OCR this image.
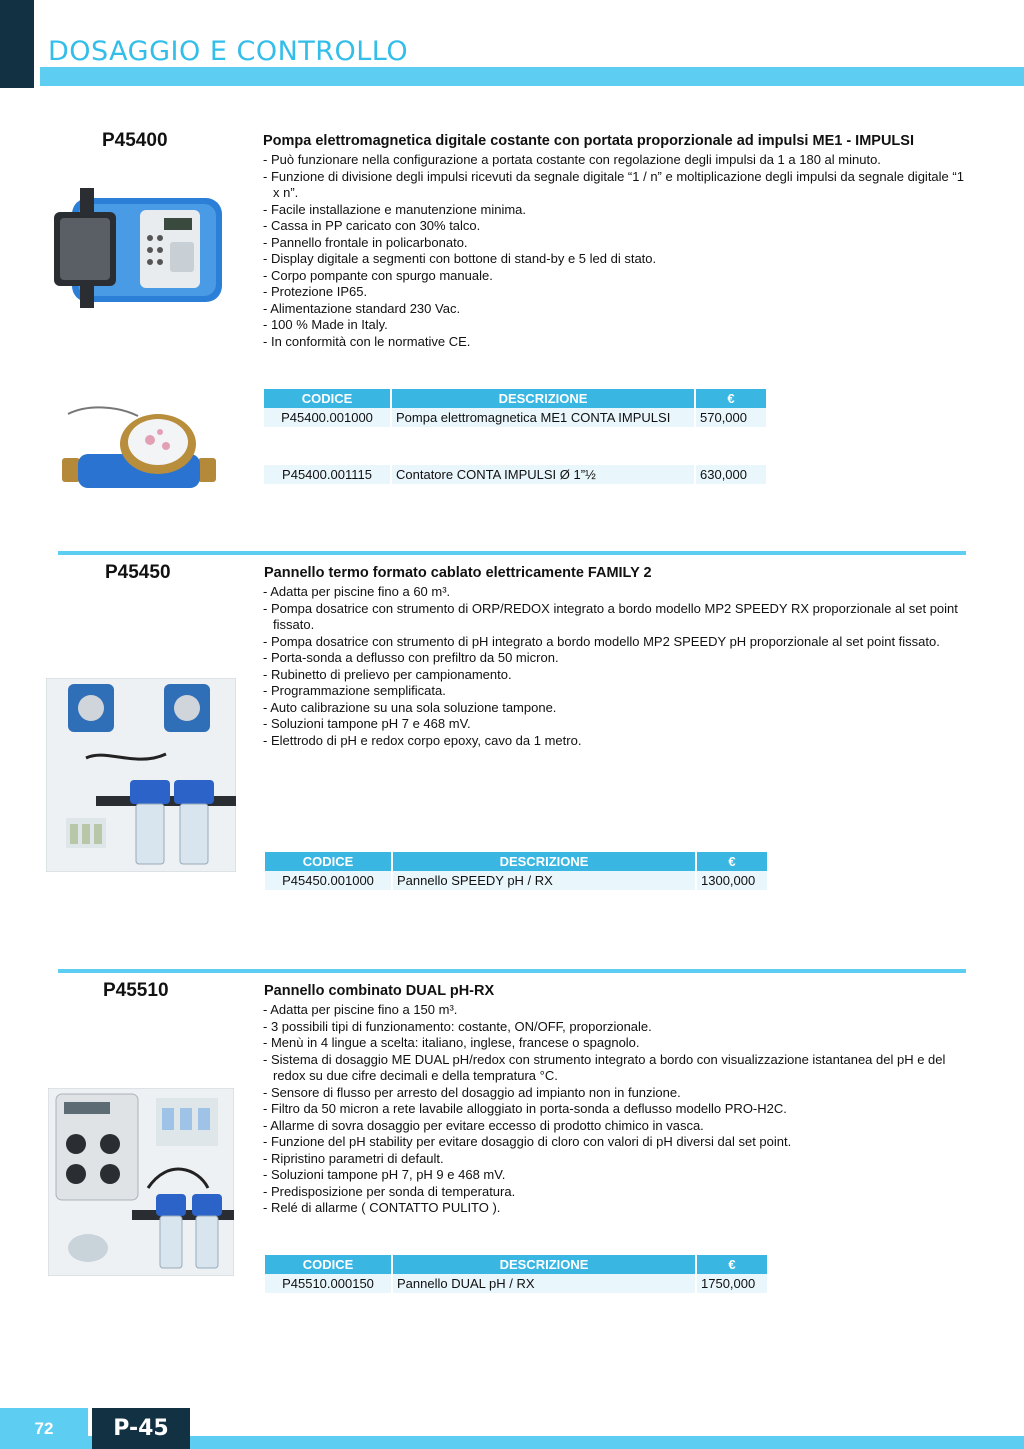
DOSAGGIO E CONTROLLO
P45400	Pompa elettromagnetica digitale costante con portata proporzionale ad impulsi ME1 - IMPULSI
- Può funzionare nella configurazione a portata costante con regolazione degli impulsi da 1 a 180 al minuto.
- Funzione di divisione degli impulsi ricevuti da segnale digitale “1 / n” e moltiplicazione degli impulsi da segnale digitale “1 x n”.
- Facile installazione e manutenzione minima.
- Cassa in PP caricato con 30% talco.
- Pannello frontale in policarbonato.
- Display digitale a segmenti con bottone di stand-by e 5 led di stato.
- Corpo pompante con spurgo manuale.
- Protezione IP65.
- Alimentazione standard 230 Vac.
- 100 % Made in Italy.
- In conformità con le normative CE.
CODICE	DESCRIZIONE	€
P45400.001000	Pompa elettromagnetica ME1 CONTA IMPULSI	570,000
P45400.001115	Contatore CONTA IMPULSI Ø 1”½	630,000
P45450	Pannello termo formato cablato elettricamente FAMILY 2
- Adatta per piscine fino a 60 m³.
- Pompa dosatrice con strumento di ORP/REDOX integrato a bordo modello MP2 SPEEDY RX proporzionale al set point fissato.
- Pompa dosatrice con strumento di pH integrato a bordo modello MP2 SPEEDY pH proporzionale al set point fissato.
- Porta-sonda a deflusso con prefiltro da 50 micron.
- Rubinetto di prelievo per campionamento.
- Programmazione semplificata.
- Auto calibrazione su una sola soluzione tampone.
- Soluzioni tampone pH 7 e 468 mV.
- Elettrodo di pH e redox corpo epoxy, cavo da 1 metro.
CODICE	DESCRIZIONE	€
P45450.001000	Pannello SPEEDY pH / RX	1300,000
P45510	Pannello combinato DUAL pH-RX
- Adatta per piscine fino a 150 m³.
- 3 possibili tipi di funzionamento: costante, ON/OFF, proporzionale.
- Menù in 4 lingue a scelta: italiano, inglese, francese o spagnolo.
- Sistema di dosaggio ME DUAL pH/redox con strumento integrato a bordo con visualizzazione istantanea del pH e del redox su due cifre decimali e della tempratura °C.
- Sensore di flusso per arresto del dosaggio ad impianto non in funzione.
- Filtro da 50 micron a rete lavabile alloggiato in porta-sonda a deflusso modello PRO-H2C.
- Allarme di sovra dosaggio per evitare eccesso di prodotto chimico in vasca.
- Funzione del pH stability per evitare dosaggio di cloro con valori di pH diversi dal set point.
- Ripristino parametri di default.
- Soluzioni tampone pH 7, pH 9 e 468 mV.
- Predisposizione per sonda di temperatura.
- Relé di allarme ( CONTATTO PULITO ).
CODICE	DESCRIZIONE	€
P45510.000150	Pannello DUAL pH / RX	1750,000
72	P-45
